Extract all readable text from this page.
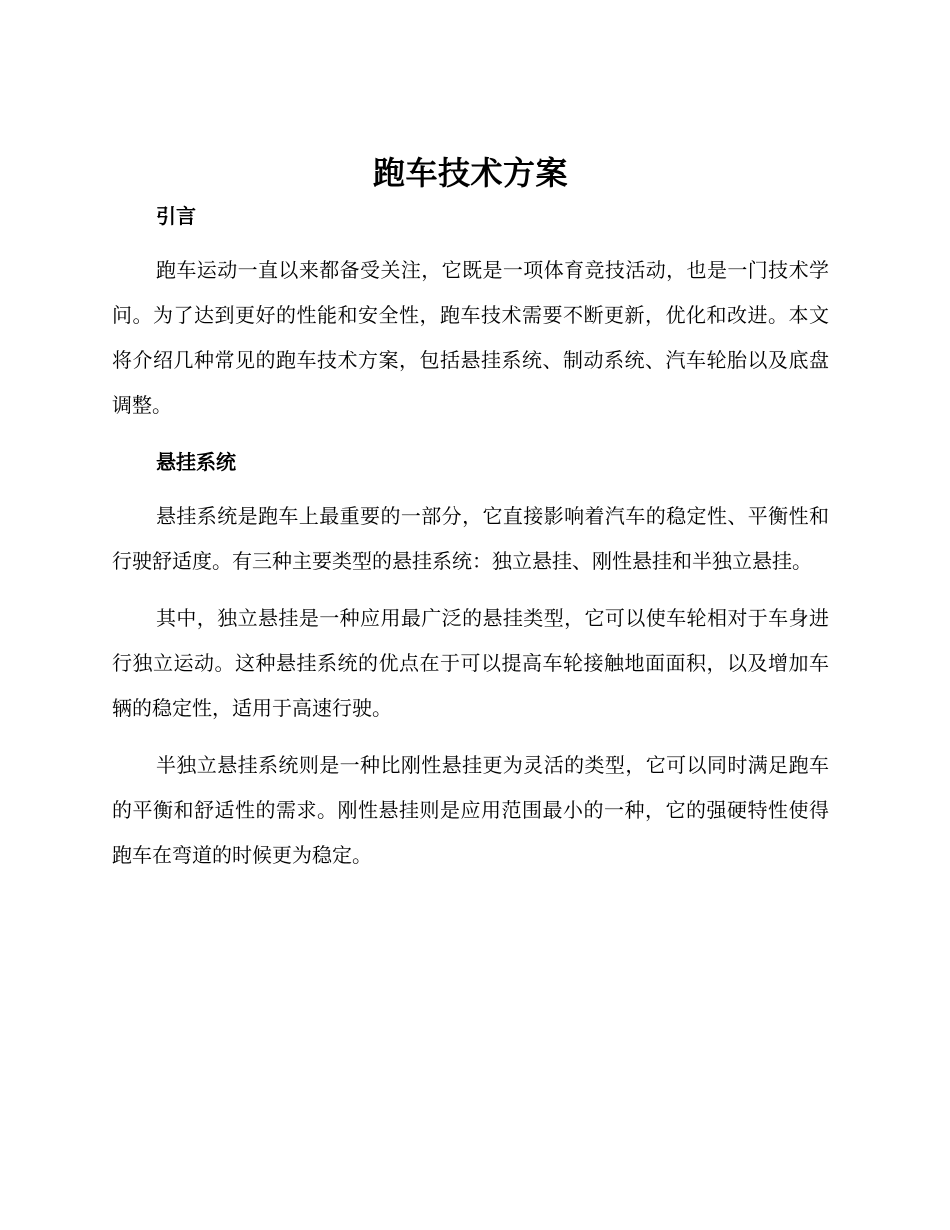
跑车技术方案
引言

跑车运动一直以来都备受关注，它既是一项体育竞技活动，也是一门技术学问。为了达到更好的性能和安全性，跑车技术需要不断更新，优化和改进。本文将介绍几种常见的跑车技术方案，包括悬挂系统、制动系统、汽车轮胎以及底盘调整。

悬挂系统

悬挂系统是跑车上最重要的一部分，它直接影响着汽车的稳定性、平衡性和行驶舒适度。有三种主要类型的悬挂系统：独立悬挂、刚性悬挂和半独立悬挂。

其中，独立悬挂是一种应用最广泛的悬挂类型，它可以使车轮相对于车身进行独立运动。这种悬挂系统的优点在于可以提高车轮接触地面面积，以及增加车辆的稳定性，适用于高速行驶。

半独立悬挂系统则是一种比刚性悬挂更为灵活的类型，它可以同时满足跑车的平衡和舒适性的需求。刚性悬挂则是应用范围最小的一种，它的强硬特性使得跑车在弯道的时候更为稳定。
